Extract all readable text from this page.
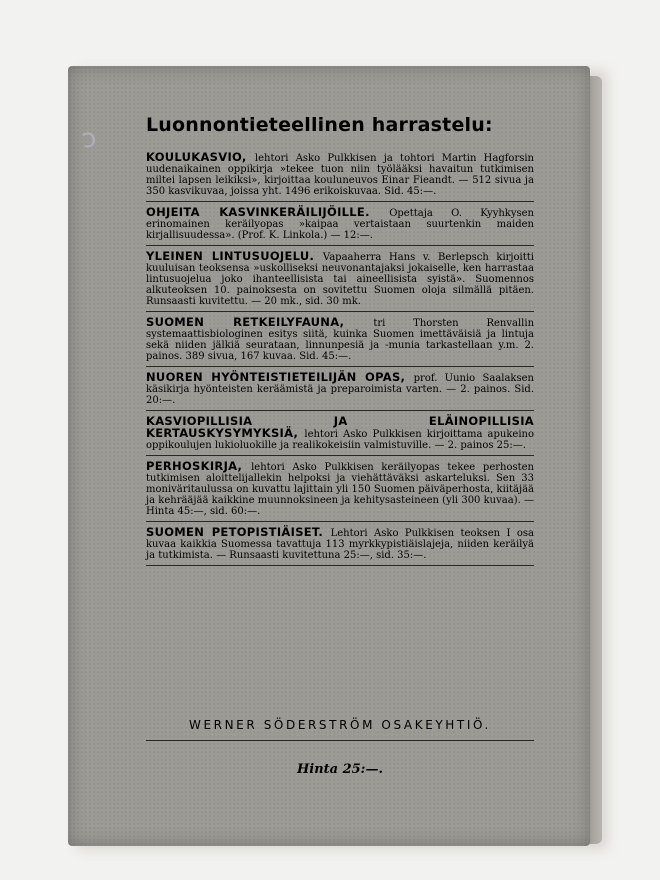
ↄ	Luonnontieteellinen harrastelu:
KOULUKASVIO, lehtori Asko Pulkkisen ja tohtori Martin Hagforsin uudenaikainen oppikirja »tekee tuon niin työlääksi havaitun tutkimisen miltei lapsen leikiksi», kirjoittaa kouluneuvos Einar Fieandt. — 512 sivua ja 350 kasvikuvaa, joissa yht. 1496 erikoiskuvaa. Sid. 45:—.
OHJEITA KASVINKERÄILIJÖILLE. Opettaja O. Kyyhkysen erinomainen keräilyopas »kaipaa vertaistaan suurtenkin maiden kirjallisuudessa». (Prof. K. Linkola.) — 12:—.
YLEINEN LINTUSUOJELU. Vapaaherra Hans v. Berlepsch kirjoitti kuuluisan teoksensa »uskolliseksi neuvonantajaksi jokaiselle, ken harrastaa lintusuojelua joko ihanteellisista tai aineellisista syistä». Suomennos alkuteoksen 10. painoksesta on sovitettu Suomen oloja silmällä pitäen. Runsaasti kuvitettu. — 20 mk., sid. 30 mk.
SUOMEN RETKEILYFAUNA, tri Thorsten Renvallin systemaattisbiologinen esitys siitä, kuinka Suomen imettäväisiä ja lintuja sekä niiden jälkiä seurataan, linnunpesiä ja -munia tarkastellaan y.m. 2. painos. 389 sivua, 167 kuvaa. Sid. 45:—.
NUOREN HYÖNTEISTIETEILIJÄN OPAS, prof. Uunio Saalaksen käsikirja hyönteisten keräämistä ja preparoimista varten. — 2. painos. Sid. 20:—.
KASVIOPILLISIA JA ELÄINOPILLISIA KERTAUSKYSYMYKSIÄ, lehtori Asko Pulkkisen kirjoittama apukeino oppikoulujen lukioluokille ja realikokeisiin valmistuville. — 2. painos 25:—.
PERHOSKIRJA, lehtori Asko Pulkkisen keräilyopas tekee perhosten tutkimisen aloittelijallekin helpoksi ja viehättäväksi askarteluksi. Sen 33 moniväritaulussa on kuvattu lajittain yli 150 Suomen päiväperhosta, kiitäjää ja kehrääjää kaikkine muunnoksineen ja kehitysasteineen (yli 300 kuvaa). — Hinta 45:—, sid. 60:—.
SUOMEN PETOPISTIÄISET. Lehtori Asko Pulkkisen teoksen I osa kuvaa kaikkia Suomessa tavattuja 113 myrkkypistiäislajeja, niiden keräilyä ja tutkimista. — Runsaasti kuvitettuna 25:—, sid. 35:—.
WERNER SÖDERSTRÖM OSAKEYHTIÖ.
Hinta 25:—.
